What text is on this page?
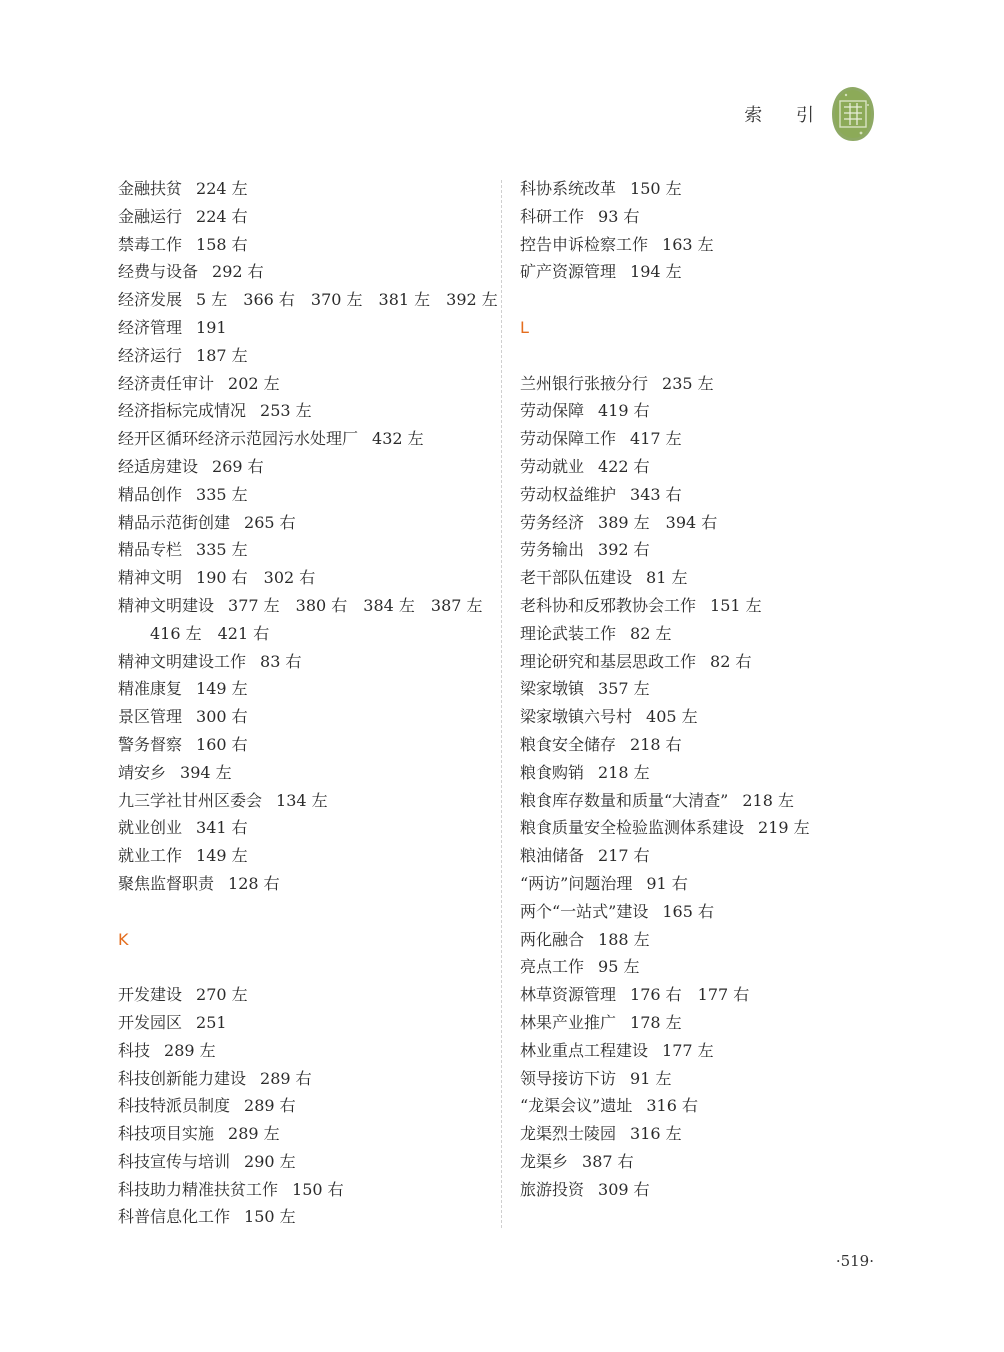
索 引
金融扶贫 224 左
金融运行 224 右
禁毒工作 158 右
经费与设备 292 右
经济发展 5 左　366 右　370 左　381 左　392 左
经济管理 191
经济运行 187 左
经济责任审计 202 左
经济指标完成情况 253 左
经开区循环经济示范园污水处理厂 432 左
经适房建设 269 右
精品创作 335 左
精品示范街创建 265 右
精品专栏 335 左
精神文明 190 右　302 右
精神文明建设 377 左　380 右　384 左　387 左
416 左　421 右
精神文明建设工作 83 右
精准康复 149 左
景区管理 300 右
警务督察 160 右
靖安乡 394 左
九三学社甘州区委会 134 左
就业创业 341 右
就业工作 149 左
聚焦监督职责 128 右
K
开发建设 270 左
开发园区 251
科技 289 左
科技创新能力建设 289 右
科技特派员制度 289 右
科技项目实施 289 左
科技宣传与培训 290 左
科技助力精准扶贫工作 150 右
科普信息化工作 150 左
科协系统改革 150 左
科研工作 93 右
控告申诉检察工作 163 左
矿产资源管理 194 左
L
兰州银行张掖分行 235 左
劳动保障 419 右
劳动保障工作 417 左
劳动就业 422 右
劳动权益维护 343 右
劳务经济 389 左　394 右
劳务输出 392 右
老干部队伍建设 81 左
老科协和反邪教协会工作 151 左
理论武装工作 82 左
理论研究和基层思政工作 82 右
梁家墩镇 357 左
梁家墩镇六号村 405 左
粮食安全储存 218 右
粮食购销 218 左
粮食库存数量和质量“大清查” 218 左
粮食质量安全检验监测体系建设 219 左
粮油储备 217 右
“两访”问题治理 91 右
两个“一站式”建设 165 右
两化融合 188 左
亮点工作 95 左
林草资源管理 176 右　177 右
林果产业推广 178 左
林业重点工程建设 177 左
领导接访下访 91 左
“龙渠会议”遗址 316 右
龙渠烈士陵园 316 左
龙渠乡 387 右
旅游投资 309 右
·519·
